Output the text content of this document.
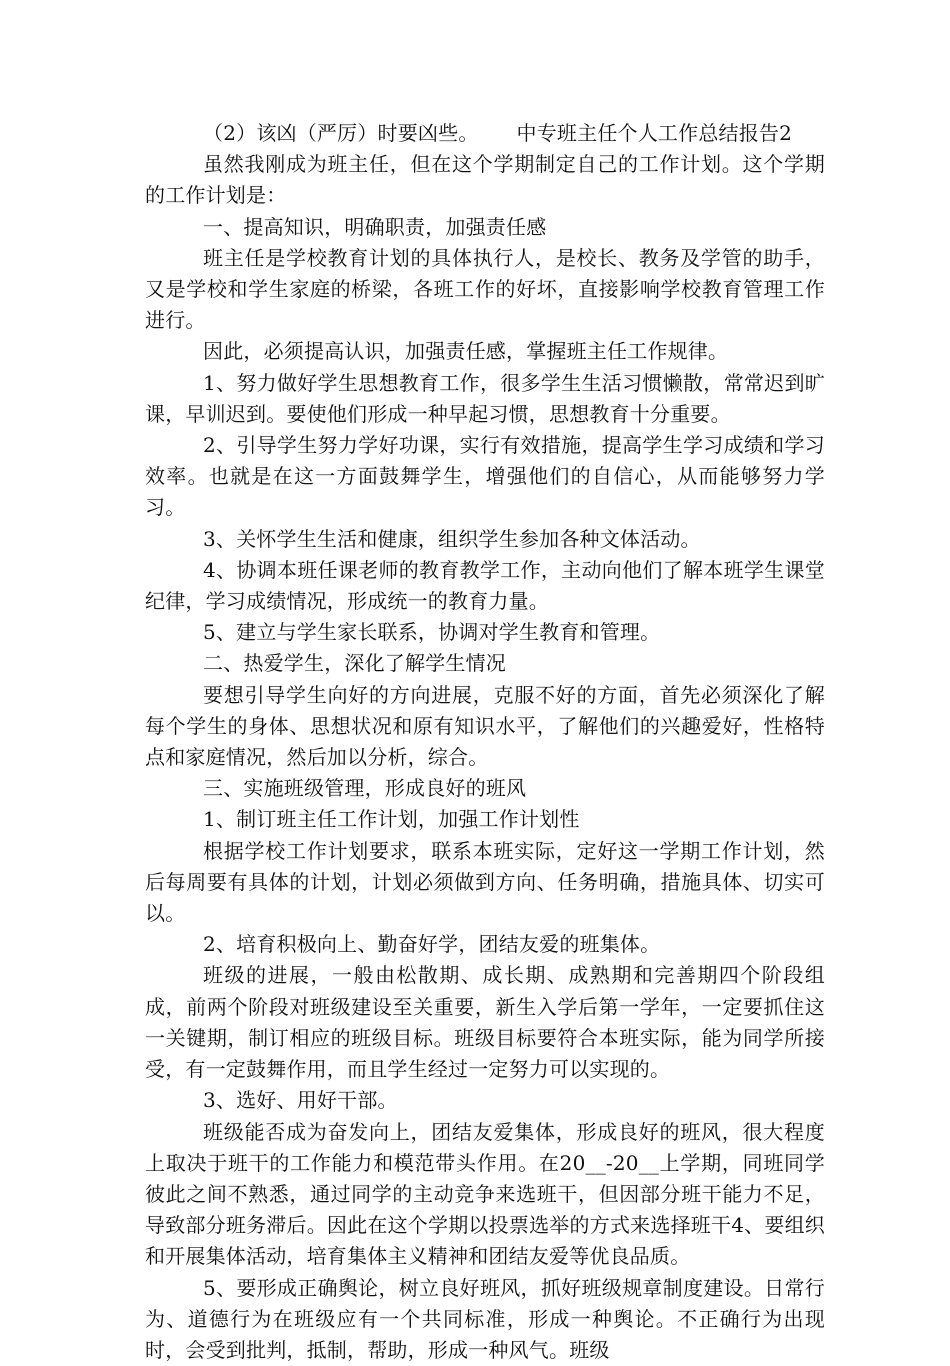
（2）该凶（严厉）时要凶些。 中专班主任个人工作总结报告2

虽然我刚成为班主任，但在这个学期制定自己的工作计划。这个学期的工作计划是：

一、提高知识，明确职责，加强责任感

班主任是学校教育计划的具体执行人，是校长、教务及学管的助手，又是学校和学生家庭的桥梁，各班工作的好坏，直接影响学校教育管理工作进行。

因此，必须提高认识，加强责任感，掌握班主任工作规律。

1、努力做好学生思想教育工作，很多学生生活习惯懒散，常常迟到旷课，早训迟到。要使他们形成一种早起习惯，思想教育十分重要。

2、引导学生努力学好功课，实行有效措施，提高学生学习成绩和学习效率。也就是在这一方面鼓舞学生，增强他们的自信心，从而能够努力学习。

3、关怀学生生活和健康，组织学生参加各种文体活动。

4、协调本班任课老师的教育教学工作，主动向他们了解本班学生课堂纪律，学习成绩情况，形成统一的教育力量。

5、建立与学生家长联系，协调对学生教育和管理。

二、热爱学生，深化了解学生情况

要想引导学生向好的方向进展，克服不好的方面，首先必须深化了解每个学生的身体、思想状况和原有知识水平，了解他们的兴趣爱好，性格特点和家庭情况，然后加以分析，综合。

三、实施班级管理，形成良好的班风

1、制订班主任工作计划，加强工作计划性

根据学校工作计划要求，联系本班实际，定好这一学期工作计划，然后每周要有具体的计划，计划必须做到方向、任务明确，措施具体、切实可以。

2、培育积极向上、勤奋好学，团结友爱的班集体。

班级的进展，一般由松散期、成长期、成熟期和完善期四个阶段组成，前两个阶段对班级建设至关重要，新生入学后第一学年，一定要抓住这一关键期，制订相应的班级目标。班级目标要符合本班实际，能为同学所接受，有一定鼓舞作用，而且学生经过一定努力可以实现的。

3、选好、用好干部。

班级能否成为奋发向上，团结友爱集体，形成良好的班风，很大程度上取决于班干的工作能力和模范带头作用。在20__-20__上学期，同班同学彼此之间不熟悉，通过同学的主动竞争来选班干，但因部分班干能力不足，导致部分班务滞后。因此在这个学期以投票选举的方式来选择班干4、要组织和开展集体活动，培育集体主义精神和团结友爱等优良品质。

5、要形成正确舆论，树立良好班风，抓好班级规章制度建设。日常行为、道德行为在班级应有一个共同标准，形成一种舆论。不正确行为出现时，会受到批判，抵制，帮助，形成一种风气。班级
